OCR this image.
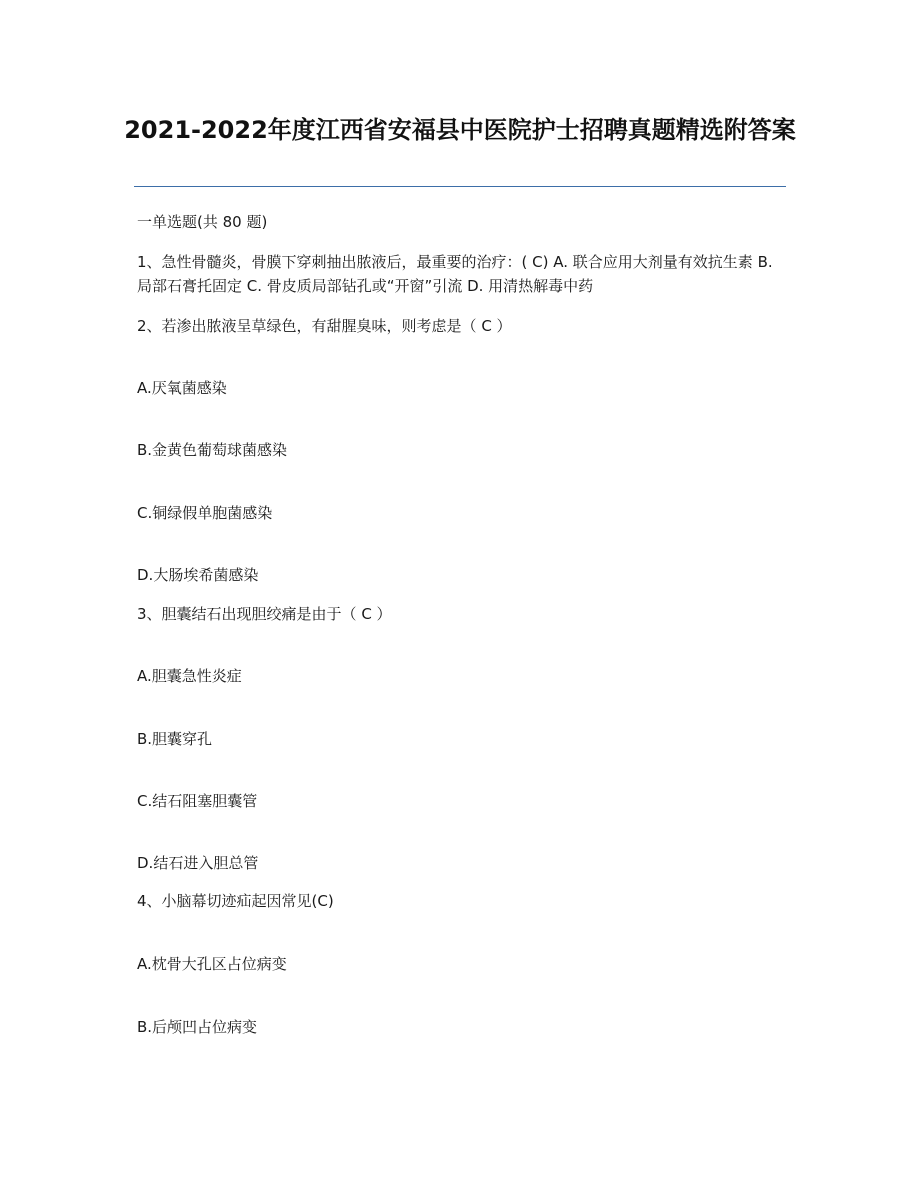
2021-2022年度江西省安福县中医院护士招聘真题精选附答案
一单选题(共 80 题)
1、急性骨髓炎，骨膜下穿刺抽出脓液后，最重要的治疗：( C) A. 联合应用大剂量有效抗生素 B. 局部石膏托固定 C. 骨皮质局部钻孔或“开窗”引流 D. 用清热解毒中药
2、若渗出脓液呈草绿色，有甜腥臭味，则考虑是（ C ）
A.厌氧菌感染
B.金黄色葡萄球菌感染
C.铜绿假单胞菌感染
D.大肠埃希菌感染
3、胆囊结石出现胆绞痛是由于（ C ）
A.胆囊急性炎症
B.胆囊穿孔
C.结石阻塞胆囊管
D.结石进入胆总管
4、小脑幕切迹疝起因常见(C)
A.枕骨大孔区占位病变
B.后颅凹占位病变
